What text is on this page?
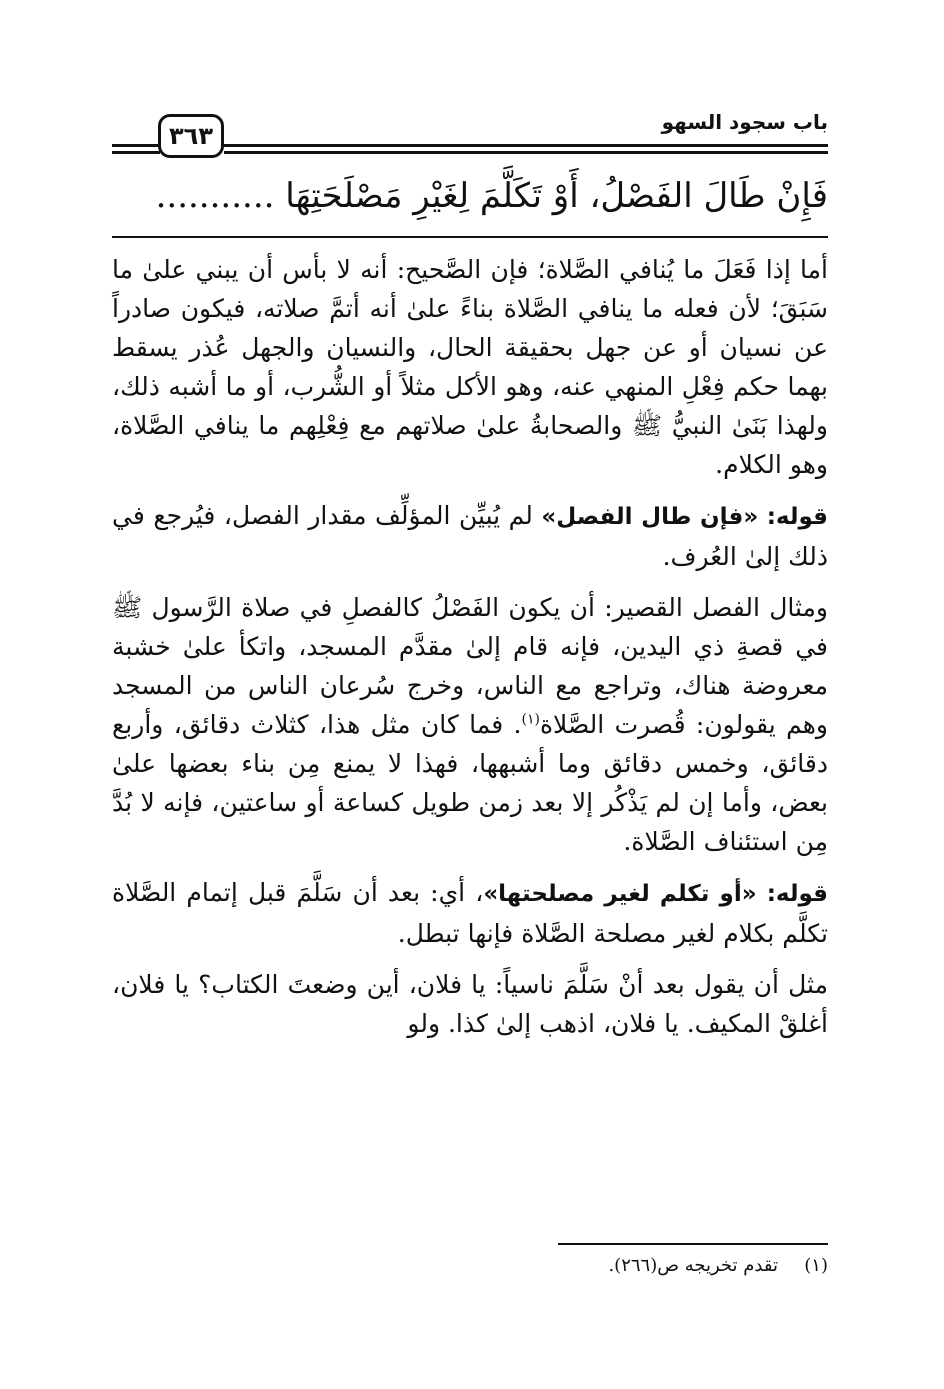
٣٦٣	باب سجود السهو
فَإِنْ طَالَ الفَصْلُ، أَوْ تَكَلَّمَ لِغَيْرِ مَصْلَحَتِهَا ...........

أما إذا فَعَلَ ما يُنافي الصَّلاة؛ فإن الصَّحيح: أنه لا بأس أن يبني علىٰ ما سَبَقَ؛ لأن فعله ما ينافي الصَّلاة بناءً علىٰ أنه أتمَّ صلاته، فيكون صادراً عن نسيان أو عن جهل بحقيقة الحال، والنسيان والجهل عُذر يسقط بهما حكم فِعْلِ المنهي عنه، وهو الأكل مثلاً أو الشُّرب، أو ما أشبه ذلك، ولهذا بَنَىٰ النبيُّ ﷺ والصحابةُ علىٰ صلاتهم مع فِعْلِهم ما ينافي الصَّلاة، وهو الكلام.

قوله: «فإن طال الفصل» لم يُبيِّن المؤلِّف مقدار الفصل، فيُرجع في ذلك إلىٰ العُرف.

ومثال الفصل القصير: أن يكون الفَصْلُ كالفصلِ في صلاة الرَّسول ﷺ في قصةِ ذي اليدين، فإنه قام إلىٰ مقدَّم المسجد، واتكأ علىٰ خشبة معروضة هناك، وتراجع مع الناس، وخرج سُرعان الناس من المسجد وهم يقولون: قُصرت الصَّلاة$^{(١)}$. فما كان مثل هذا، كثلاث دقائق، وأربع دقائق، وخمس دقائق وما أشبهها، فهذا لا يمنع مِن بناء بعضها علىٰ بعض، وأما إن لم يَذْكُر إلا بعد زمن طويل كساعة أو ساعتين، فإنه لا بُدَّ مِن استئناف الصَّلاة.

قوله: «أو تكلم لغير مصلحتها»، أي: بعد أن سَلَّمَ قبل إتمام الصَّلاة تكلَّم بكلام لغير مصلحة الصَّلاة فإنها تبطل.

مثل أن يقول بعد أنْ سَلَّمَ ناسياً: يا فلان، أين وضعتَ الكتاب؟ يا فلان، أغلقْ المكيف. يا فلان، اذهب إلىٰ كذا. ولو

(١)تقدم تخريجه ص(٢٦٦).
